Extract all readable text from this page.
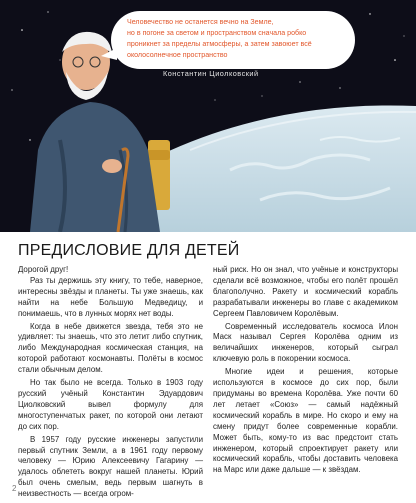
Человечество не останется вечно на Земле,

но в погоне за светом и пространством сначала робко

проникнет за пределы атмосферы, а затем завоюет всё

околосолнечное пространство

Константин Циолковский
ПРЕДИСЛОВИЕ ДЛЯ ДЕТЕЙ

Дорогой друг!

Раз ты держишь эту книгу, то тебе, наверное, интересны звёзды и планеты. Ты уже знаешь, как найти на небе Большую Медведицу, и понимаешь, что в лунных морях нет воды.

Когда в небе движется звезда, тебя это не удивляет: ты знаешь, что это летит либо спутник, либо Международная космическая станция, на которой работают космонавты. Полёты в космос стали обычным делом.

Но так было не всегда. Только в 1903 году русский учёный Константин Эдуардович Циолковский вывел формулу для многоступенчатых ракет, по которой они летают до сих пор.

В 1957 году русские инженеры запустили первый спутник Земли, а в 1961 году первому человеку — Юрию Алексеевичу Гагарину — удалось облететь вокруг нашей планеты. Юрий был очень смелым, ведь первым шагнуть в неизвестность — всегда огром-

ный риск. Но он знал, что учёные и конструкторы сделали всё возможное, чтобы его полёт прошёл благополучно. Ракету и космический корабль разрабатывали инженеры во главе с академиком Сергеем Павловичем Королёвым.

Современный исследователь космоса Илон Маск называл Сергея Королёва одним из величайших инженеров, который сыграл ключевую роль в покорении космоса.

Многие идеи и решения, которые используются в космосе до сих пор, были придуманы во времена Королёва. Уже почти 60 лет летает «Союз» — самый надёжный космический корабль в мире. Но скоро и ему на смену придут более современные корабли. Может быть, кому-то из вас предстоит стать инженером, который спроектирует ракету или космический корабль, чтобы доставить человека на Марс или даже дальше — к звёздам.

2
